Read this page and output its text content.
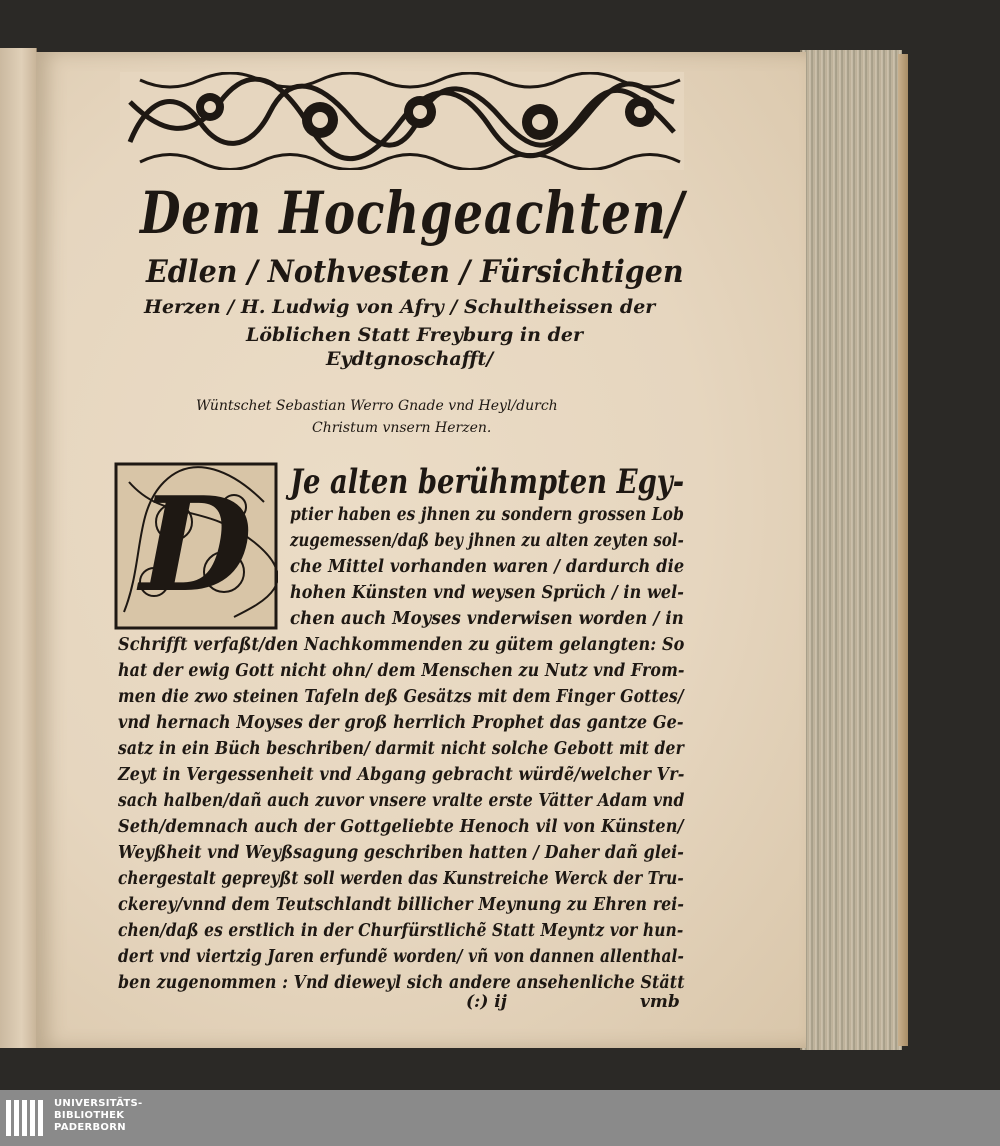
Dem Hochgeachten/
Edlen / Nothvesten / Fürsichtigen
Herzen / H. Ludwig von Afry / Schultheissen der
Löblichen Statt Freyburg in der
Eydtgnoschafft/
Wüntschet Sebastian Werro Gnade vnd Heyl/durch
Christum vnsern Herzen.
D Je alten berühmpten Egy-
ptier haben es jhnen zu sondern grossen Lob
zugemessen/daß bey jhnen zu alten zeyten sol-
che Mittel vorhanden waren / dardurch die
hohen Künsten vnd weysen Sprüch / in wel-
chen auch Moyses vnderwisen worden / in
Schrifft verfaßt/den Nachkommenden zu gütem gelangten: So
hat der ewig Gott nicht ohn/ dem Menschen zu Nutz vnd From-
men die zwo steinen Tafeln deß Gesätzs mit dem Finger Gottes/
vnd hernach Moyses der groß herrlich Prophet das gantze Ge-
satz in ein Büch beschriben/ darmit nicht solche Gebott mit der
Zeyt in Vergessenheit vnd Abgang gebracht würdẽ/welcher Vr-
sach halben/dañ auch zuvor vnsere vralte erste Vätter Adam vnd
Seth/demnach auch der Gottgeliebte Henoch vil von Künsten/
Weyßheit vnd Weyßsagung geschriben hatten / Daher dañ glei-
chergestalt gepreyßt soll werden das Kunstreiche Werck der Tru-
ckerey/vnnd dem Teutschlandt billicher Meynung zu Ehren rei-
chen/daß es erstlich in der Churfürstlichẽ Statt Meyntz vor hun-
dert vnd viertzig Jaren erfundẽ worden/ vñ von dannen allenthal-
ben zugenommen : Vnd dieweyl sich andere ansehenliche Stätt
(:) ij	vmb
UNIVERSITÄTS-
BIBLIOTHEK
PADERBORN
